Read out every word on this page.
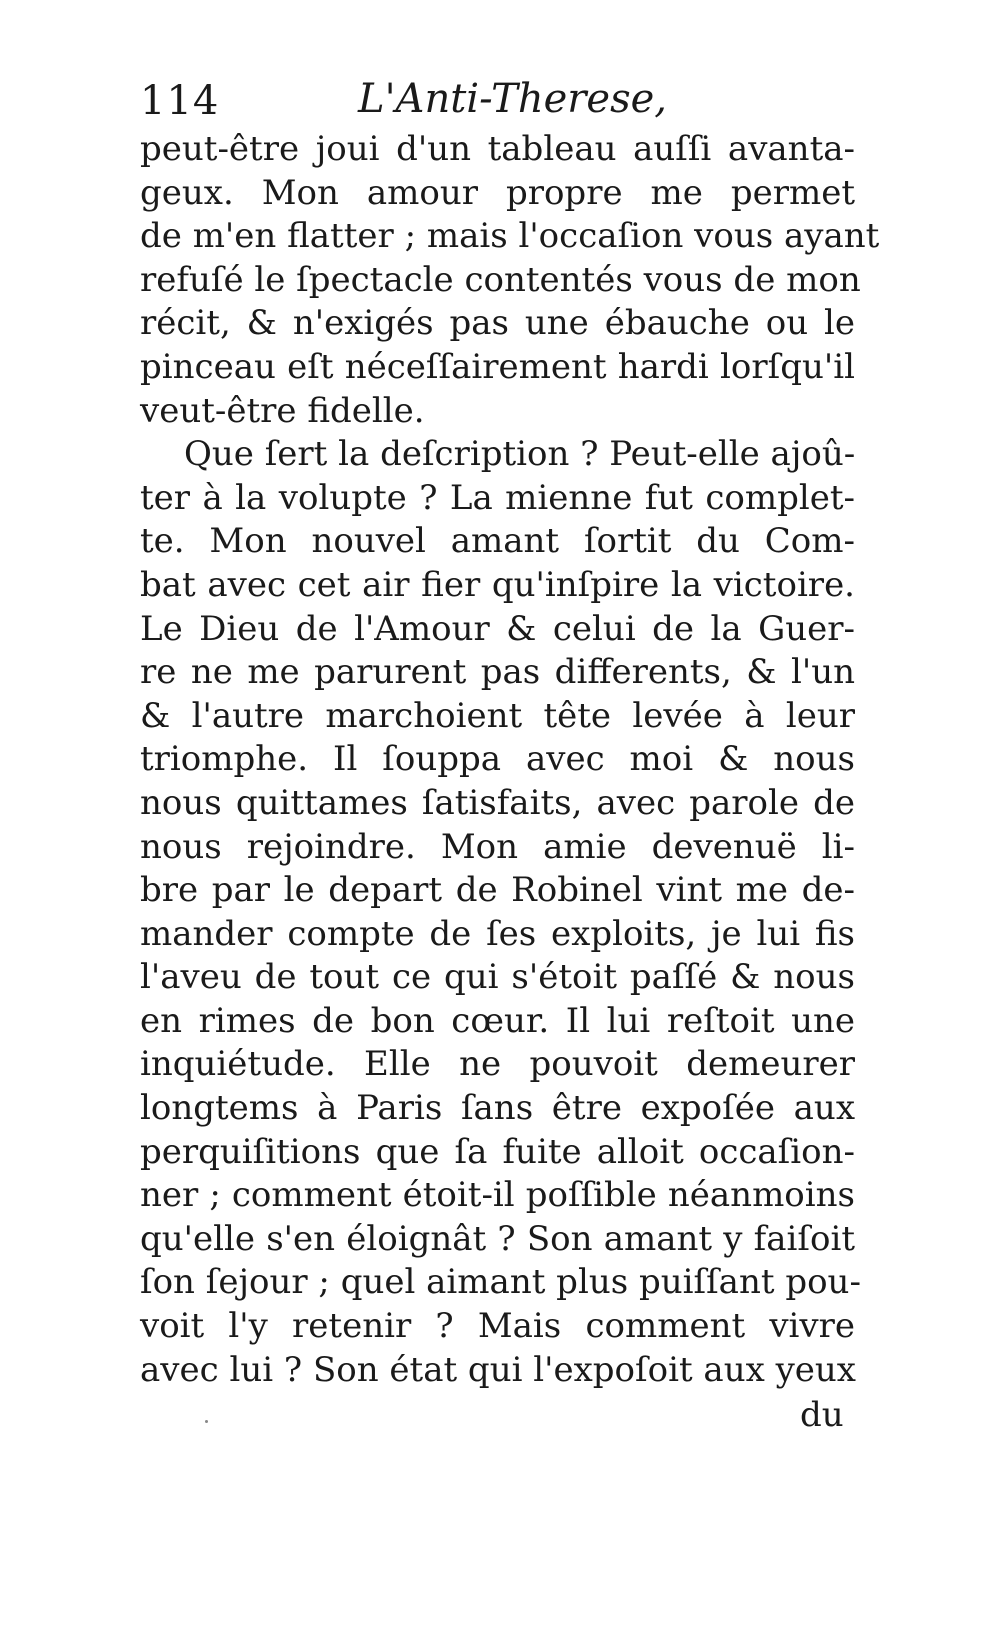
114	L'Anti-Therese,
peut-être joui d'un tableau auſſi avanta-
geux. Mon amour propre me permet
de m'en flatter ; mais l'occaſion vous ayant
refuſé le ſpectacle contentés vous de mon
récit, & n'exigés pas une ébauche ou le
pinceau eſt néceſſairement hardi lorſqu'il
veut-être fidelle.
Que ſert la deſcription ? Peut-elle ajoû-
ter à la volupte ? La mienne fut complet-
te. Mon nouvel amant ſortit du Com-
bat avec cet air fier qu'inſpire la victoire.
Le Dieu de l'Amour & celui de la Guer-
re ne me parurent pas differents, & l'un
& l'autre marchoient tête levée à leur
triomphe. Il ſouppa avec moi & nous
nous quittames ſatisfaits, avec parole de
nous rejoindre. Mon amie devenuë li-
bre par le depart de Robinel vint me de-
mander compte de ſes exploits, je lui fis
l'aveu de tout ce qui s'étoit paſſé & nous
en rimes de bon cœur. Il lui reſtoit une
inquiétude. Elle ne pouvoit demeurer
longtems à Paris ſans être expoſée aux
perquiſitions que ſa fuite alloit occaſion-
ner ; comment étoit-il poſſible néanmoins
qu'elle s'en éloignât ? Son amant y faiſoit
ſon ſejour ; quel aimant plus puiſſant pou-
voit l'y retenir ? Mais comment vivre
avec lui ? Son état qui l'expoſoit aux yeux
du
